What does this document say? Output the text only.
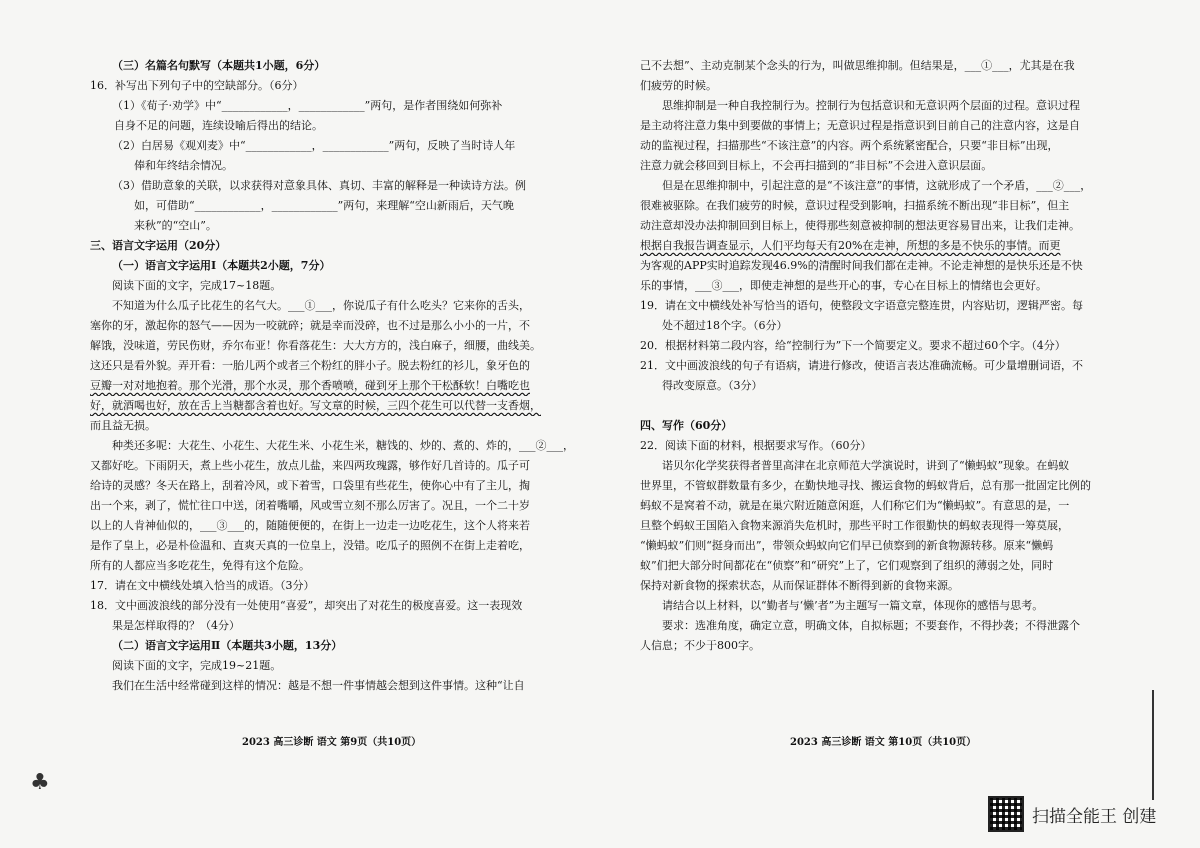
（三）名篇名句默写（本题共1小题，6分）
16．补写出下列句子中的空缺部分。（6分）
（1）《荀子·劝学》中“____________，____________”两句，是作者围绕如何弥补
自身不足的问题，连续设喻后得出的结论。
（2）白居易《观刈麦》中“____________，____________”两句，反映了当时诗人年
　　俸和年终结余情况。
（3）借助意象的关联，以求获得对意象具体、真切、丰富的解释是一种读诗方法。例
　　如，可借助“____________，____________”两句，来理解“空山新雨后，天气晚
　　来秋”的“空山”。
三、语言文字运用（20分）
（一）语言文字运用Ⅰ（本题共2小题，7分）
阅读下面的文字，完成17~18题。
不知道为什么瓜子比花生的名气大。___①___，你说瓜子有什么吃头？它来你的舌头，
塞你的牙，激起你的怒气——因为一咬就碎；就是幸而没碎，也不过是那么小小的一片，不
解饿，没味道，劳民伤财，乔尔布亚！你看落花生：大大方方的，浅白麻子，细腰，曲线美。
这还只是看外貌。弄开看：一胎儿两个或者三个粉红的胖小子。脱去粉红的衫儿，象牙色的
豆瓣一对对地抱着。那个光滑，那个水灵，那个香喷喷，碰到牙上那个干松酥软！白嘴吃也
好，就酒喝也好，放在舌上当糖都含着也好。写文章的时候，三四个花生可以代替一支香烟，
而且益无损。
种类还多呢：大花生、小花生、大花生米、小花生米，糖饯的、炒的、煮的、炸的，___②___，
又都好吃。下雨阴天，煮上些小花生，放点儿盐，来四两玫瑰露，够作好几首诗的。瓜子可
给诗的灵感？冬天在路上，刮着冷风，或下着雪，口袋里有些花生，使你心中有了主儿，掏
出一个来，剥了，慌忙往口中送，闭着嘴嚼，风或雪立刻不那么厉害了。况且，一个二十岁
以上的人肯神仙似的，___③___的，随随便便的，在街上一边走一边吃花生，这个人将来若
是作了皇上，必是朴俭温和、直爽天真的一位皇上，没错。吃瓜子的照例不在街上走着吃，
所有的人都应当多吃花生，免得有这个危险。
17．请在文中横线处填入恰当的成语。（3分）
18．文中画波浪线的部分没有一处使用“喜爱”，却突出了对花生的极度喜爱。这一表现效
　　果是怎样取得的？（4分）
（二）语言文字运用Ⅱ（本题共3小题，13分）
阅读下面的文字，完成19~21题。
我们在生活中经常碰到这样的情况：越是不想一件事情越会想到这件事情。这种“让自
2023 高三诊断 语文 第9页（共10页）
♣
己不去想”、主动克制某个念头的行为，叫做思维抑制。但结果是，___①___，尤其是在我
们疲劳的时候。
思维抑制是一种自我控制行为。控制行为包括意识和无意识两个层面的过程。意识过程
是主动将注意力集中到要做的事情上；无意识过程是指意识到目前自己的注意内容，这是自
动的监视过程，扫描那些“不该注意”的内容。两个系统紧密配合，只要“非目标”出现，
注意力就会移回到目标上，不会再扫描到的“非目标”不会进入意识层面。
但是在思维抑制中，引起注意的是“不该注意”的事情，这就形成了一个矛盾，___②___，
很难被驱除。在我们疲劳的时候，意识过程受到影响，扫描系统不断出现“非目标”，但主
动注意却没办法抑制回到目标上，使得那些刻意被抑制的想法更容易冒出来，让我们走神。
根据自我报告调查显示，人们平均每天有20%在走神，所想的多是不快乐的事情。而更
为客观的APP实时追踪发现46.9%的清醒时间我们都在走神。不论走神想的是快乐还是不快
乐的事情，___③___，即使走神想的是些开心的事，专心在目标上的情绪也会更好。
19．请在文中横线处补写恰当的语句，使整段文字语意完整连贯，内容贴切，逻辑严密。每
　　处不超过18个字。（6分）
20．根据材料第二段内容，给“控制行为”下一个简要定义。要求不超过60个字。（4分）
21．文中画波浪线的句子有语病，请进行修改，使语言表达准确流畅。可少量增删词语，不
　　得改变原意。（3分）
四、写作（60分）
22．阅读下面的材料，根据要求写作。（60分）
诺贝尔化学奖获得者普里高津在北京师范大学演说时，讲到了“懒蚂蚁”现象。在蚂蚁
世界里，不管蚁群数量有多少，在勤快地寻找、搬运食物的蚂蚁背后，总有那一批固定比例的
蚂蚁不是窝着不动，就是在巢穴附近随意闲逛，人们称它们为“懒蚂蚁”。有意思的是，一
旦整个蚂蚁王国陷入食物来源消失危机时，那些平时工作很勤快的蚂蚁表现得一筹莫展，
“懒蚂蚁”们则“挺身而出”，带领众蚂蚁向它们早已侦察到的新食物源转移。原来“懒蚂
蚁”们把大部分时间都花在“侦察”和“研究”上了，它们观察到了组织的薄弱之处，同时
保持对新食物的探索状态，从而保证群体不断得到新的食物来源。
请结合以上材料，以“勤者与‘懒’者”为主题写一篇文章，体现你的感悟与思考。
要求：选准角度，确定立意，明确文体，自拟标题；不要套作，不得抄袭；不得泄露个
人信息；不少于800字。
2023 高三诊断 语文 第10页（共10页）
扫描全能王 创建
